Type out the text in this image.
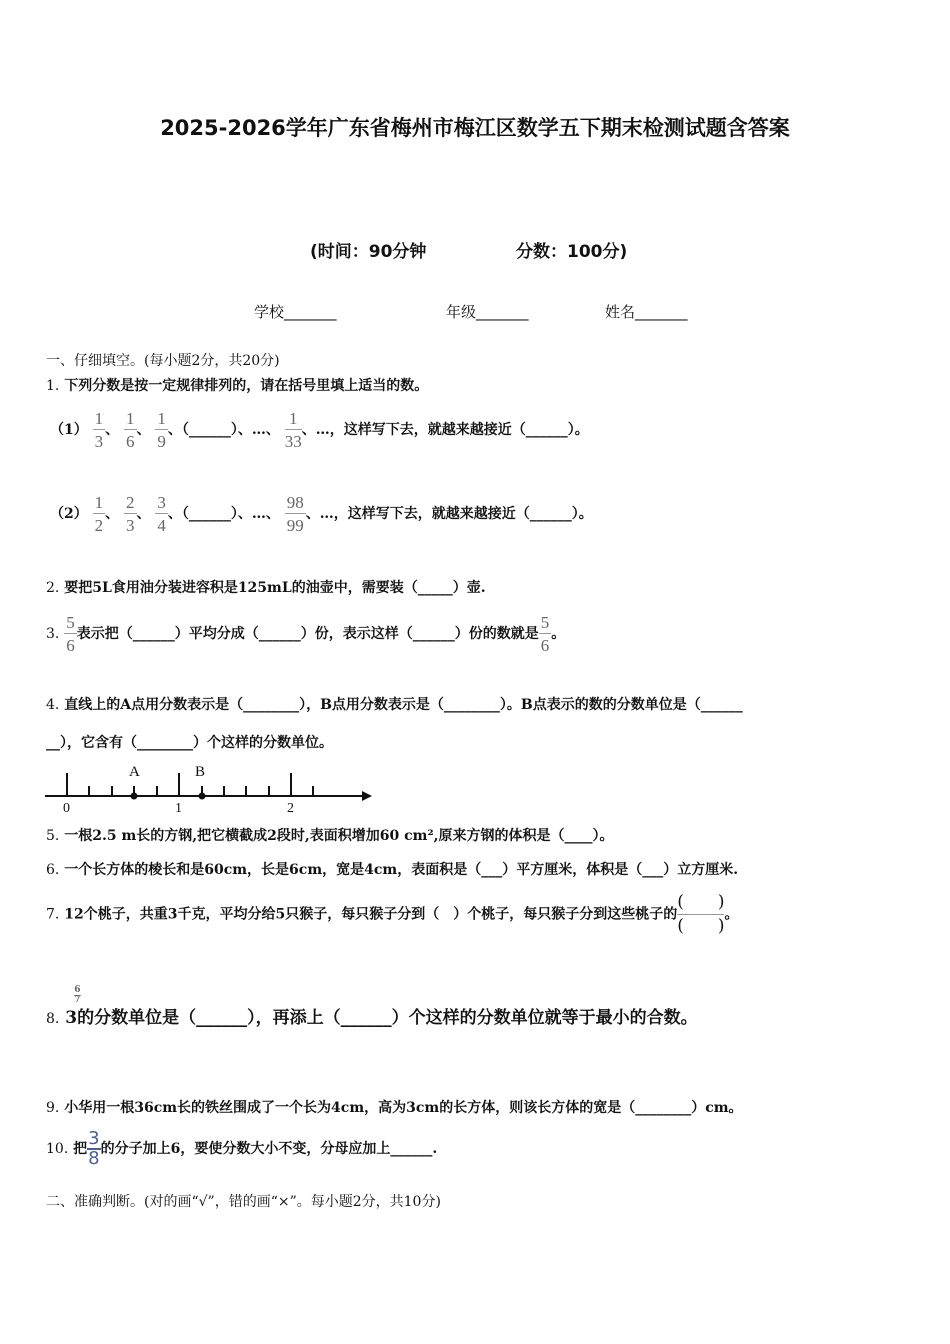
2025-2026学年广东省梅州市梅江区数学五下期末检测试题含答案
(时间：90分钟	分数：100分)
学校_______	年级_______	姓名_______
一、仔细填空。(每小题2分，共20分)
1. 下列分数是按一定规律排列的，请在括号里填上适当的数。
$(1) \frac{1}{3}$ 、 $\frac{1}{6}$ 、 $\frac{1}{9}$ 、（______）、…、 $\frac{1}{33}$ 、…，这样写下去，就越来越接近（______）。
$(2) \frac{1}{2}$ 、 $\frac{2}{3}$ 、 $\frac{3}{4}$ 、（______）、…、 $\frac{98}{99}$ 、…，这样写下去，就越来越接近（______）。
2. 要把5L食用油分装进容积是125mL的油壶中，需要装（_____）壶.
3. $\frac{5}{6}$ 表示把（______）平均分成（______）份，表示这样（______）份的数就是 $\frac{5}{6}$ 。
4. 直线上的A点用分数表示是（________），B点用分数表示是（________）。B点表示的数的分数单位是（______
__），它含有（________）个这样的分数单位。
A	B
0	1	2
5. 一根2.5 m长的方钢,把它横截成2段时,表面积增加60 cm²,原来方钢的体积是（____）。
6. 一个长方体的棱长和是60cm，长是6cm，宽是4cm，表面积是（___）平方厘米，体积是（___）立方厘米.
7. 12个桃子，共重3千克，平均分给5只猴子，每只猴子分到（　）个桃子，每只猴子分到这些桃子的 $\frac{( )}{( )}$ 。
8. 3
$\frac{6}{7}$
的分数单位是（______），再添上（______）个这样的分数单位就等于最小的合数。
9. 小华用一根36cm长的铁丝围成了一个长为4cm，高为3cm的长方体，则该长方体的宽是（________）cm。
10. 把 $\frac{3}{8}$ 的分子加上6，要使分数大小不变，分母应加上______.
二、准确判断。(对的画“√”，错的画“×”。每小题2分，共10分)
